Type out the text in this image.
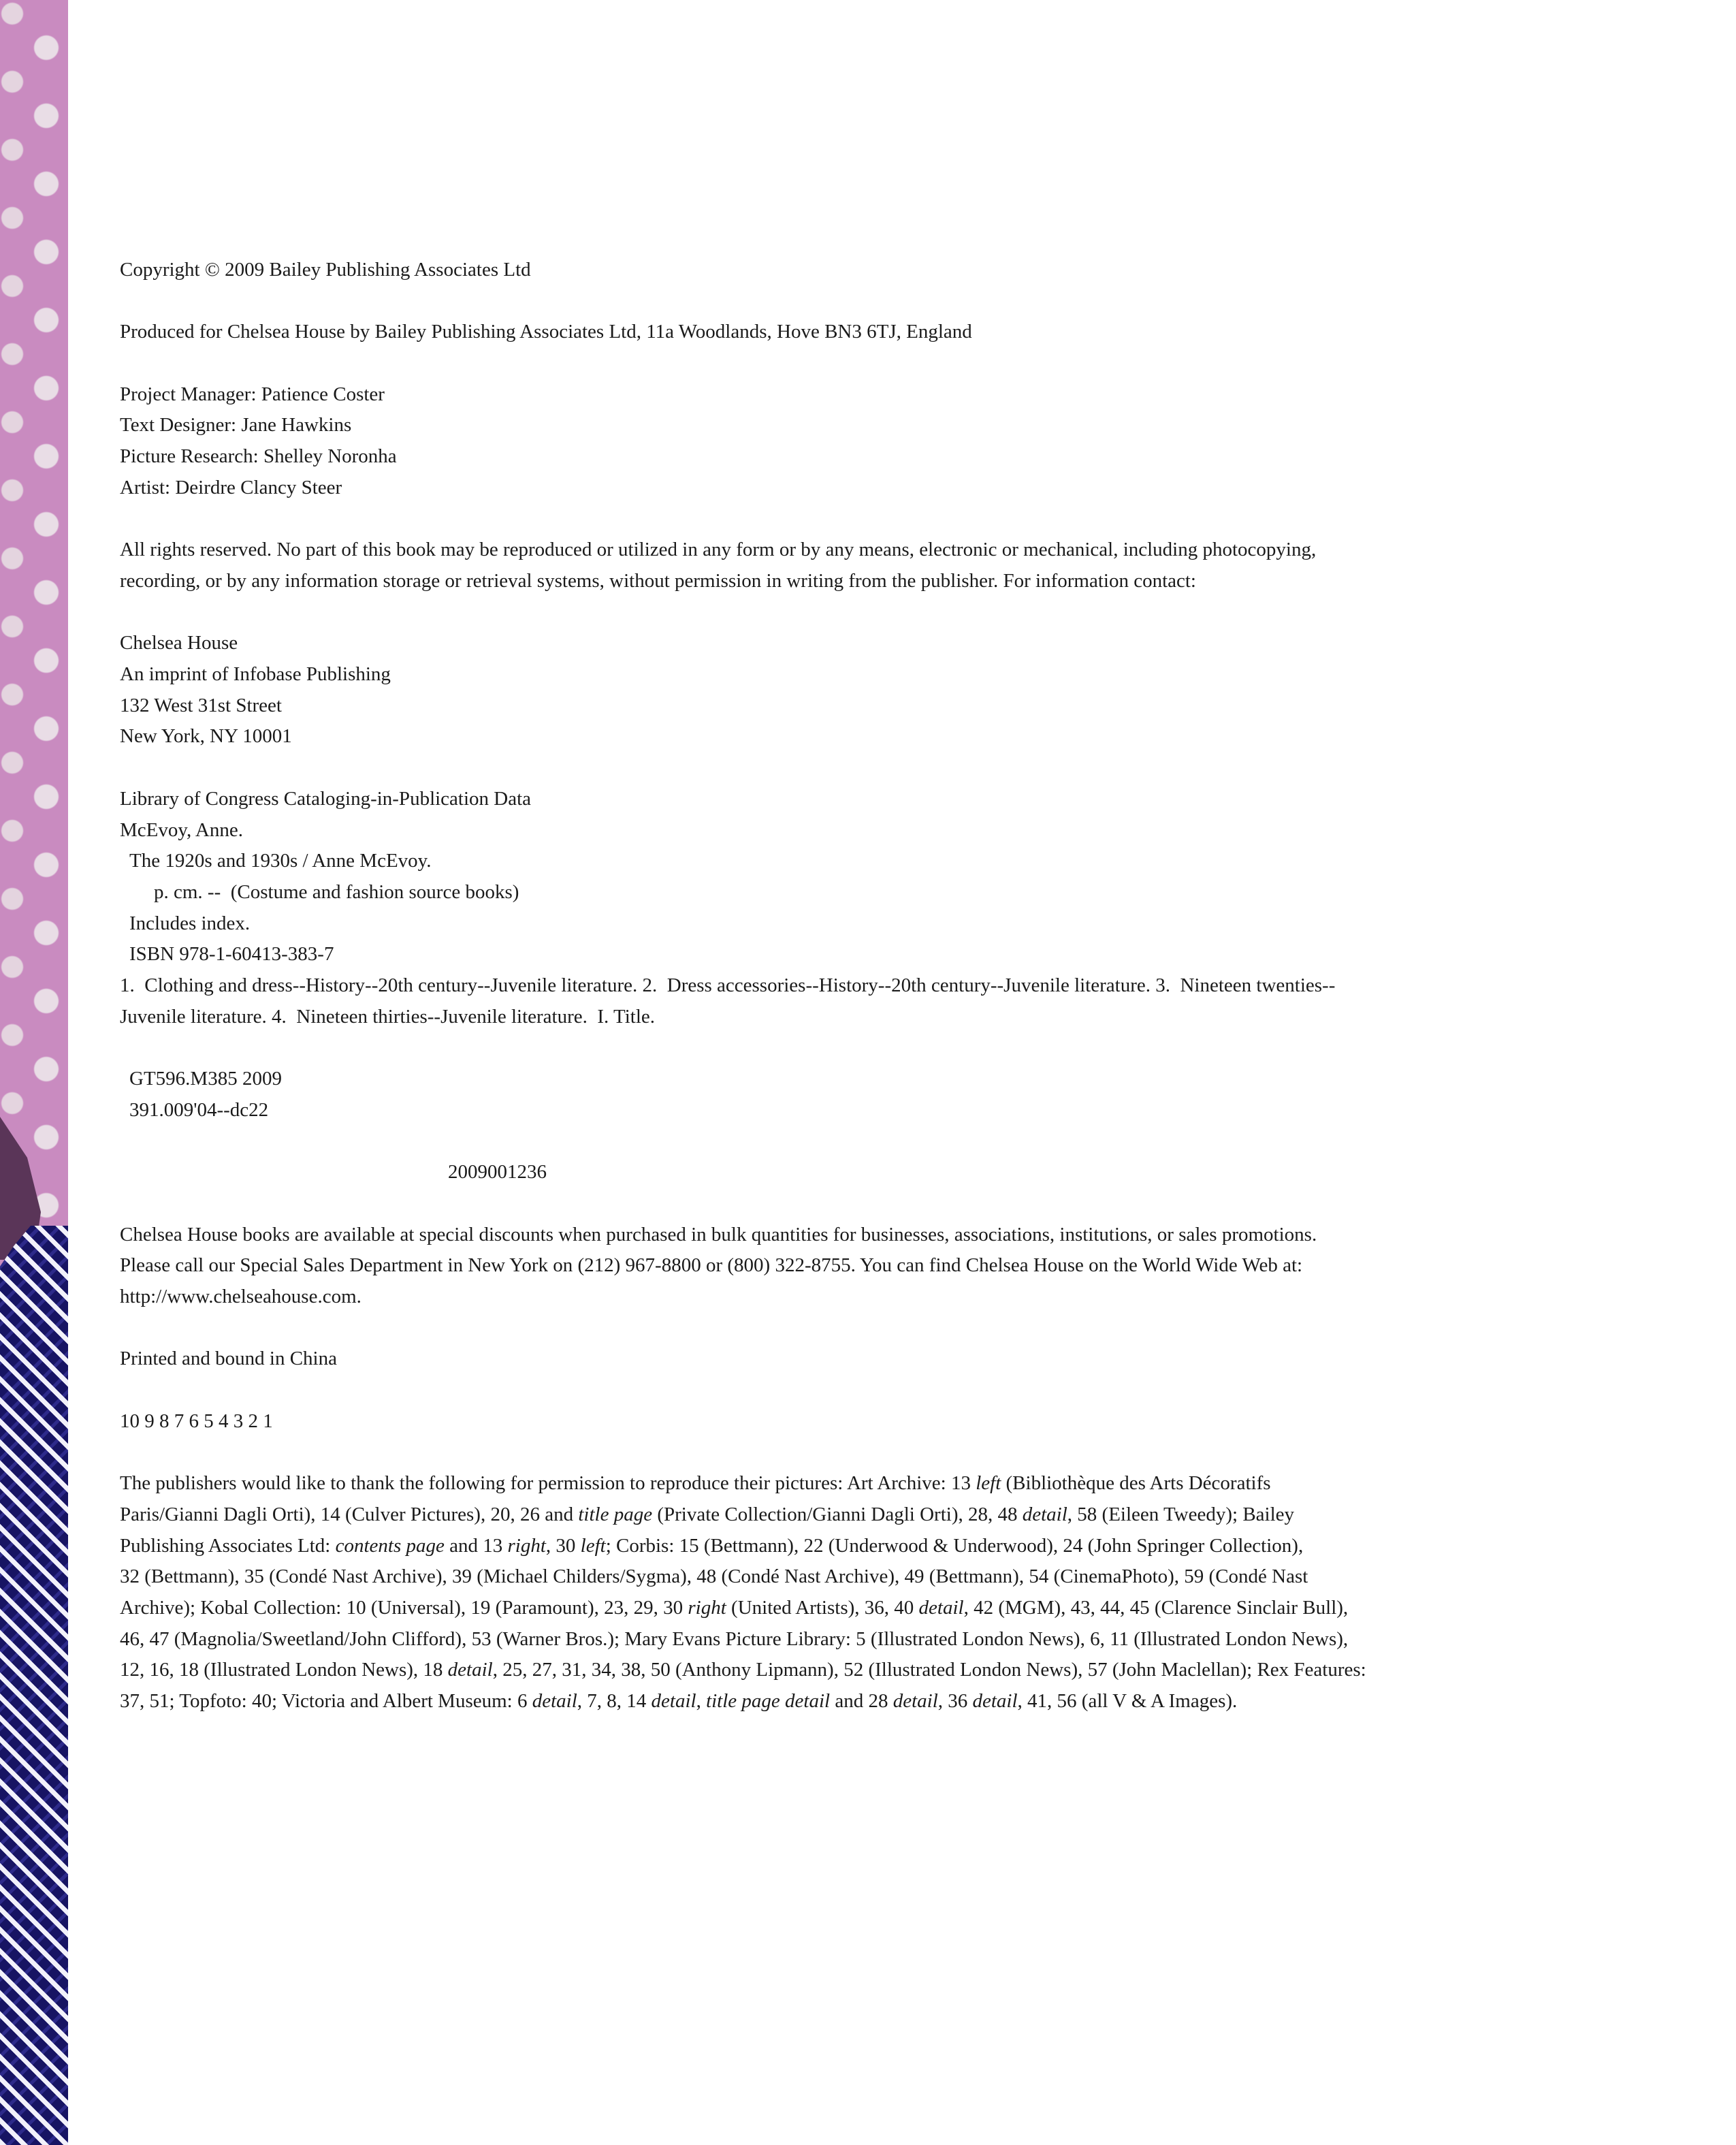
Copyright © 2009 Bailey Publishing Associates Ltd

Produced for Chelsea House by Bailey Publishing Associates Ltd, 11a Woodlands, Hove BN3 6TJ, England

Project Manager: Patience Coster

Text Designer: Jane Hawkins

Picture Research: Shelley Noronha

Artist: Deirdre Clancy Steer

All rights reserved. No part of this book may be reproduced or utilized in any form or by any means, electronic or mechanical, including photocopying,

recording, or by any information storage or retrieval systems, without permission in writing from the publisher. For information contact:

Chelsea House

An imprint of Infobase Publishing

132 West 31st Street

New York, NY 10001

Library of Congress Cataloging-in-Publication Data

McEvoy, Anne.

The 1920s and 1930s / Anne McEvoy.

p. cm. --  (Costume and fashion source books)

Includes index.

ISBN 978-1-60413-383-7

1.  Clothing and dress--History--20th century--Juvenile literature. 2.  Dress accessories--History--20th century--Juvenile literature. 3.  Nineteen twenties--

Juvenile literature. 4.  Nineteen thirties--Juvenile literature.  I. Title.

GT596.M385 2009

391.009'04--dc22

2009001236

Chelsea House books are available at special discounts when purchased in bulk quantities for businesses, associations, institutions, or sales promotions.

Please call our Special Sales Department in New York on (212) 967-8800 or (800) 322-8755. You can find Chelsea House on the World Wide Web at:

http://www.chelseahouse.com.

Printed and bound in China

10 9 8 7 6 5 4 3 2 1

The publishers would like to thank the following for permission to reproduce their pictures: Art Archive: 13 left (Bibliothèque des Arts Décoratifs

Paris/Gianni Dagli Orti), 14 (Culver Pictures), 20, 26 and title page (Private Collection/Gianni Dagli Orti), 28, 48 detail, 58 (Eileen Tweedy); Bailey

Publishing Associates Ltd: contents page and 13 right, 30 left; Corbis: 15 (Bettmann), 22 (Underwood & Underwood), 24 (John Springer Collection),

32 (Bettmann), 35 (Condé Nast Archive), 39 (Michael Childers/Sygma), 48 (Condé Nast Archive), 49 (Bettmann), 54 (CinemaPhoto), 59 (Condé Nast

Archive); Kobal Collection: 10 (Universal), 19 (Paramount), 23, 29, 30 right (United Artists), 36, 40 detail, 42 (MGM), 43, 44, 45 (Clarence Sinclair Bull),

46, 47 (Magnolia/Sweetland/John Clifford), 53 (Warner Bros.); Mary Evans Picture Library: 5 (Illustrated London News), 6, 11 (Illustrated London News),

12, 16, 18 (Illustrated London News), 18 detail, 25, 27, 31, 34, 38, 50 (Anthony Lipmann), 52 (Illustrated London News), 57 (John Maclellan); Rex Features:

37, 51; Topfoto: 40; Victoria and Albert Museum: 6 detail, 7, 8, 14 detail, title page detail and 28 detail, 36 detail, 41, 56 (all V & A Images).
